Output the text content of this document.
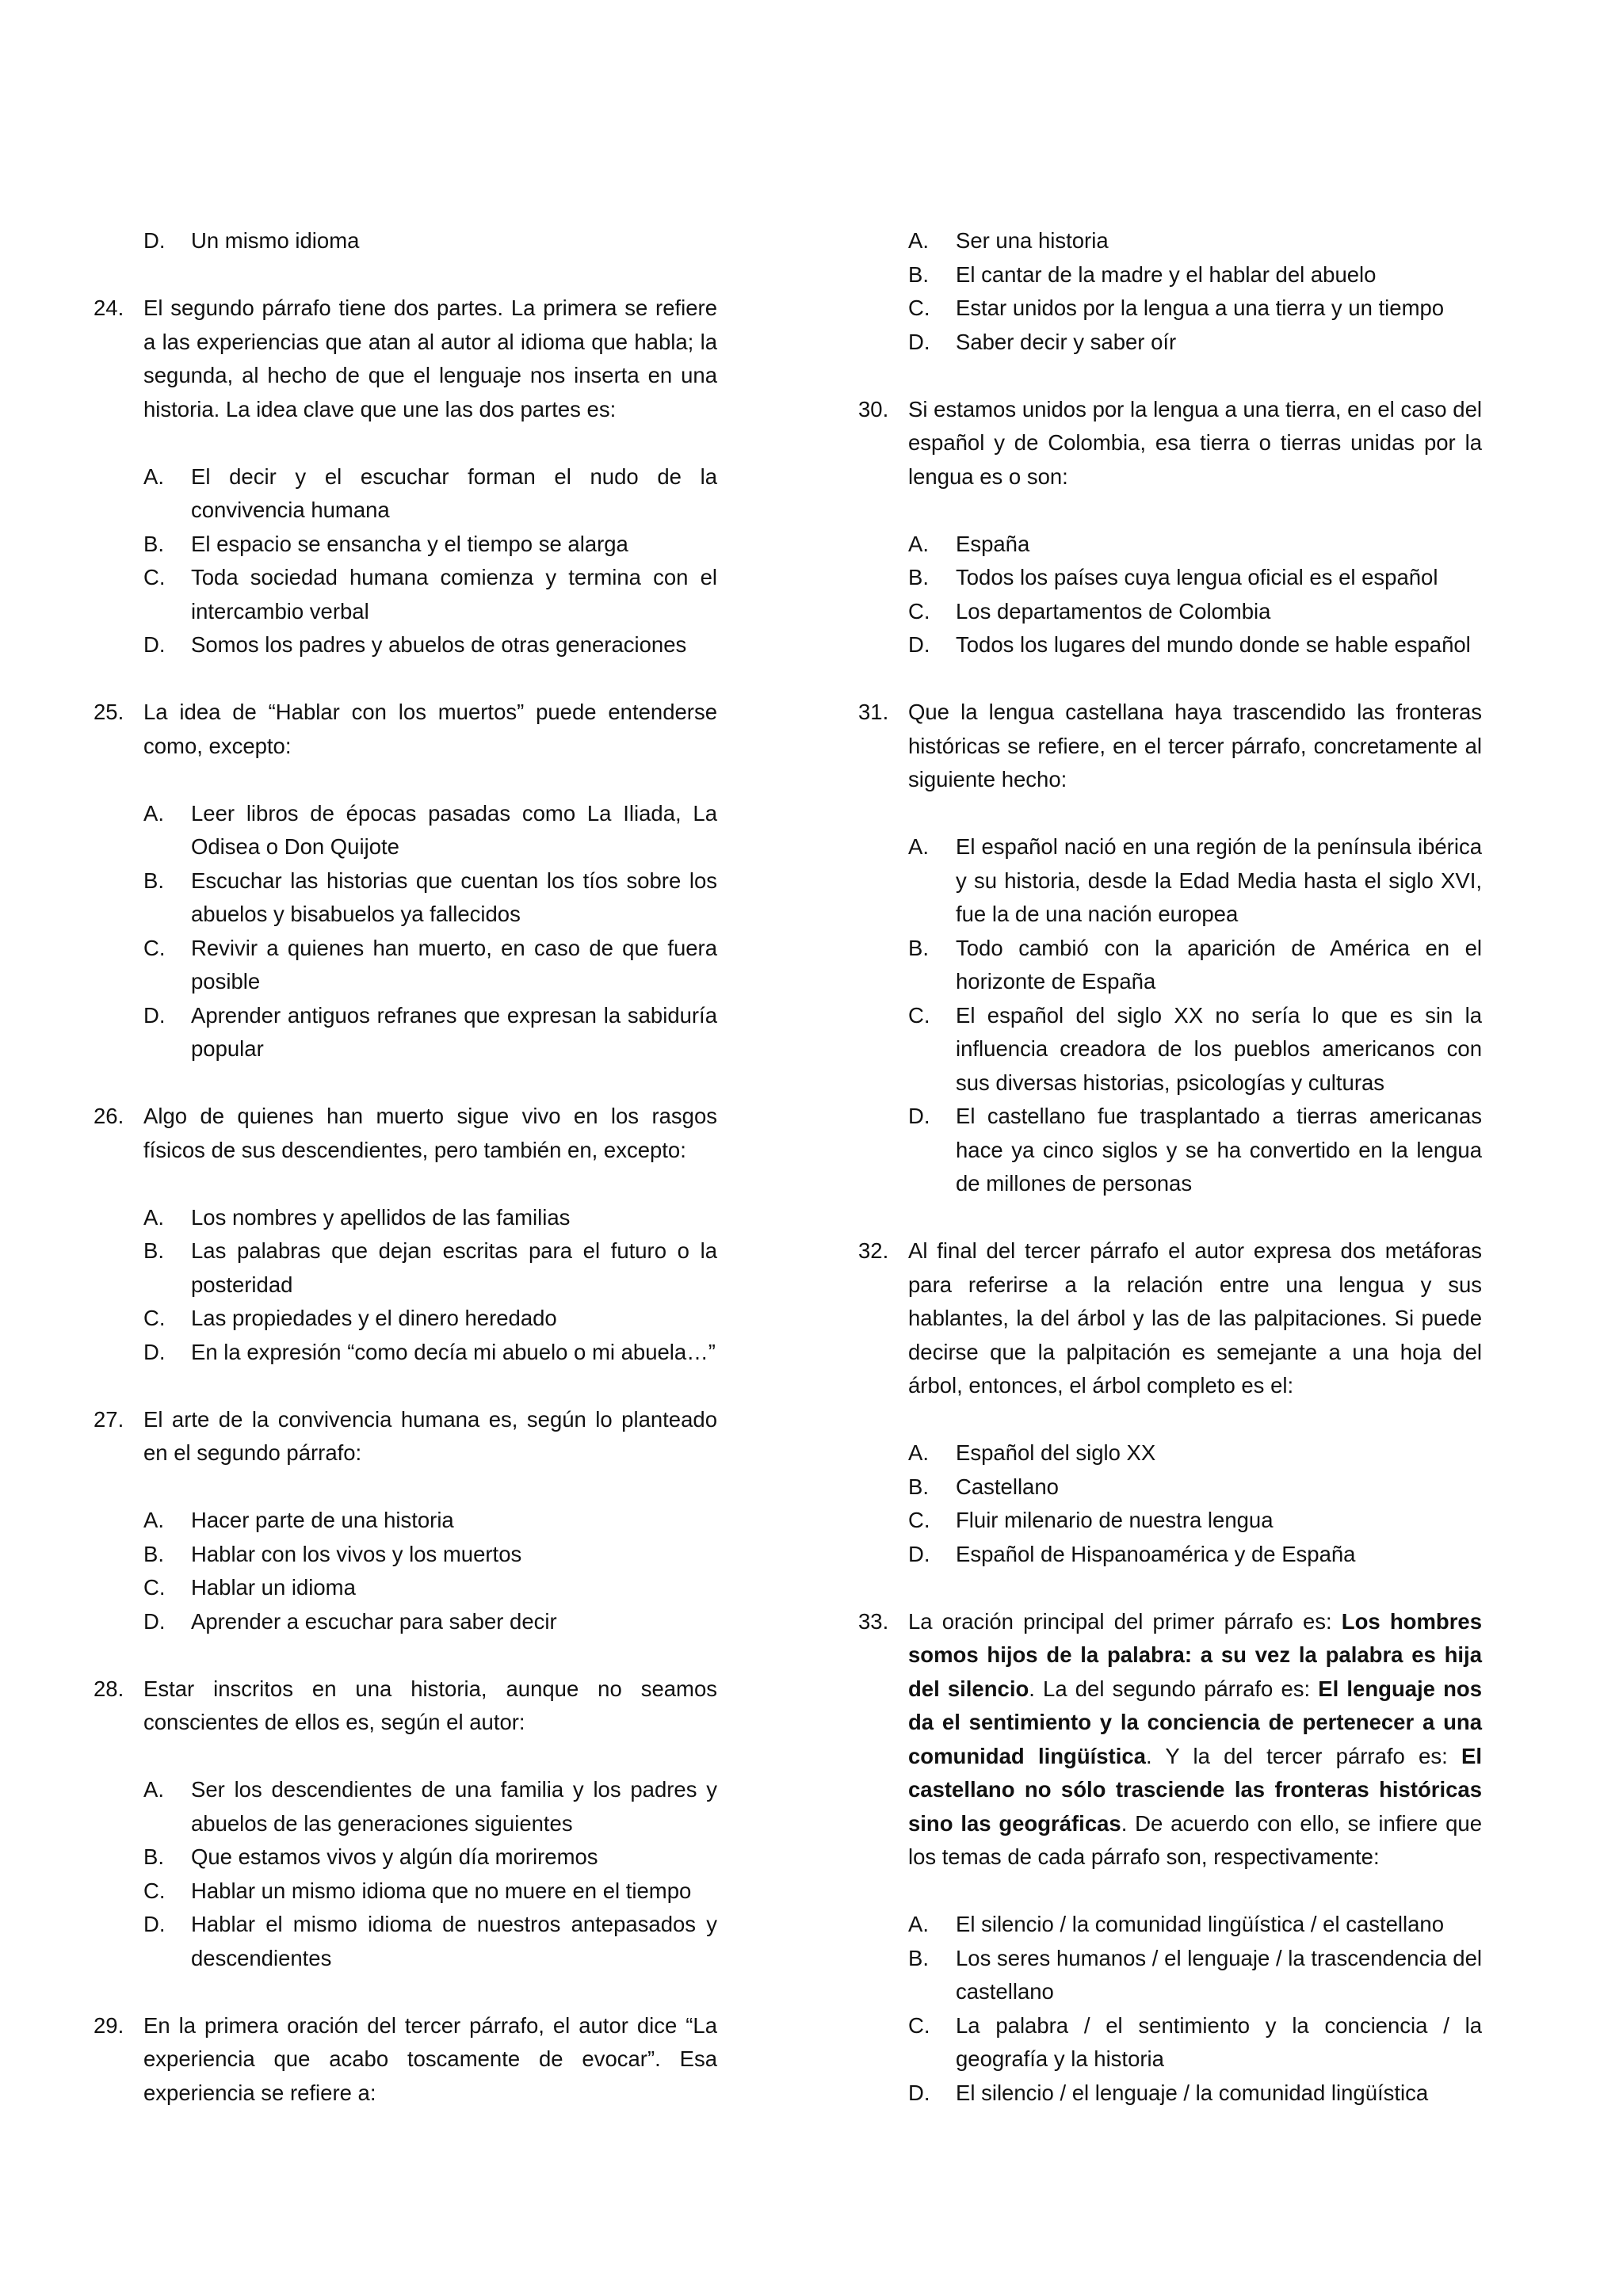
D.	Un mismo idioma
24. El segundo párrafo tiene dos partes. La primera se refiere a las experiencias que atan al autor al idioma que habla; la segunda, al hecho de que el lenguaje nos inserta en una historia. La idea clave que une las dos partes es:
A.	El decir y el escuchar forman el nudo de la convivencia humana
B.	El espacio se ensancha y el tiempo se alarga
C.	Toda sociedad humana comienza y termina con el intercambio verbal
D.	Somos los padres y abuelos de otras generaciones
25. La idea de “Hablar con los muertos” puede entenderse como, excepto:
A.	Leer libros de épocas pasadas como La Iliada, La Odisea o Don Quijote
B.	Escuchar las historias que cuentan los tíos sobre los abuelos y bisabuelos ya fallecidos
C.	Revivir a quienes han muerto, en caso de que fuera posible
D.	Aprender antiguos refranes que expresan la sabiduría popular
26. Algo de quienes han muerto sigue vivo en los rasgos físicos de sus descendientes, pero también en, excepto:
A.	Los nombres y apellidos de las familias
B.	Las palabras que dejan escritas para el futuro o la posteridad
C.	Las propiedades y el dinero heredado
D.	En la expresión “como decía mi abuelo o mi abuela…”
27. El arte de la convivencia humana es, según lo planteado en el segundo párrafo:
A.	Hacer parte de una historia
B.	Hablar con los vivos y los muertos
C.	Hablar un idioma
D.	Aprender a escuchar para saber decir
28. Estar inscritos en una historia, aunque no seamos conscientes de ellos es, según el autor:
A.	Ser los descendientes de una familia y los padres y abuelos de las generaciones siguientes
B.	Que estamos vivos y algún día moriremos
C.	Hablar un mismo idioma que no muere en el tiempo
D.	Hablar el mismo idioma de nuestros antepasados y descendientes
29. En la primera oración del tercer párrafo, el autor dice “La experiencia que acabo toscamente de evocar”. Esa experiencia se refiere a:
A.	Ser una historia
B.	El cantar de la madre y el hablar del abuelo
C.	Estar unidos por la lengua a una tierra y un tiempo
D.	Saber decir y saber oír
30. Si estamos unidos por la lengua a una tierra, en el caso del español y de Colombia, esa tierra o tierras unidas por la lengua es o son:
A.	España
B.	Todos los países cuya lengua oficial es el español
C.	Los departamentos de Colombia
D.	Todos los lugares del mundo donde se hable español
31. Que la lengua castellana haya trascendido las fronteras históricas se refiere, en el tercer párrafo, concretamente al siguiente hecho:
A.	El español nació en una región de la península ibérica y su historia, desde la Edad Media hasta el siglo XVI, fue la de una nación europea
B.	Todo cambió con la aparición de América en el horizonte de España
C.	El español del siglo XX no sería lo que es sin la influencia creadora de los pueblos americanos con sus diversas historias, psicologías y culturas
D.	El castellano fue trasplantado a tierras americanas hace ya cinco siglos y se ha convertido en la lengua de millones de personas
32. Al final del tercer párrafo el autor expresa dos metáforas para referirse a la relación entre una lengua y sus hablantes, la del árbol y las de las palpitaciones. Si puede decirse que la palpitación es semejante a una hoja del árbol, entonces, el árbol completo es el:
A.	Español del siglo XX
B.	Castellano
C.	Fluir milenario de nuestra lengua
D.	Español de Hispanoamérica y de España
33. La oración principal del primer párrafo es: Los hombres somos hijos de la palabra: a su vez la palabra es hija del silencio. La del segundo párrafo es: El lenguaje nos da el sentimiento y la conciencia de pertenecer a una comunidad lingüística. Y la del tercer párrafo es: El castellano no sólo trasciende las fronteras históricas sino las geográficas. De acuerdo con ello, se infiere que los temas de cada párrafo son, respectivamente:
A.	El silencio / la comunidad lingüística / el castellano
B.	Los seres humanos / el lenguaje / la trascendencia del castellano
C.	La palabra / el sentimiento y la conciencia / la geografía y la historia
D.	El silencio / el lenguaje / la comunidad lingüística
